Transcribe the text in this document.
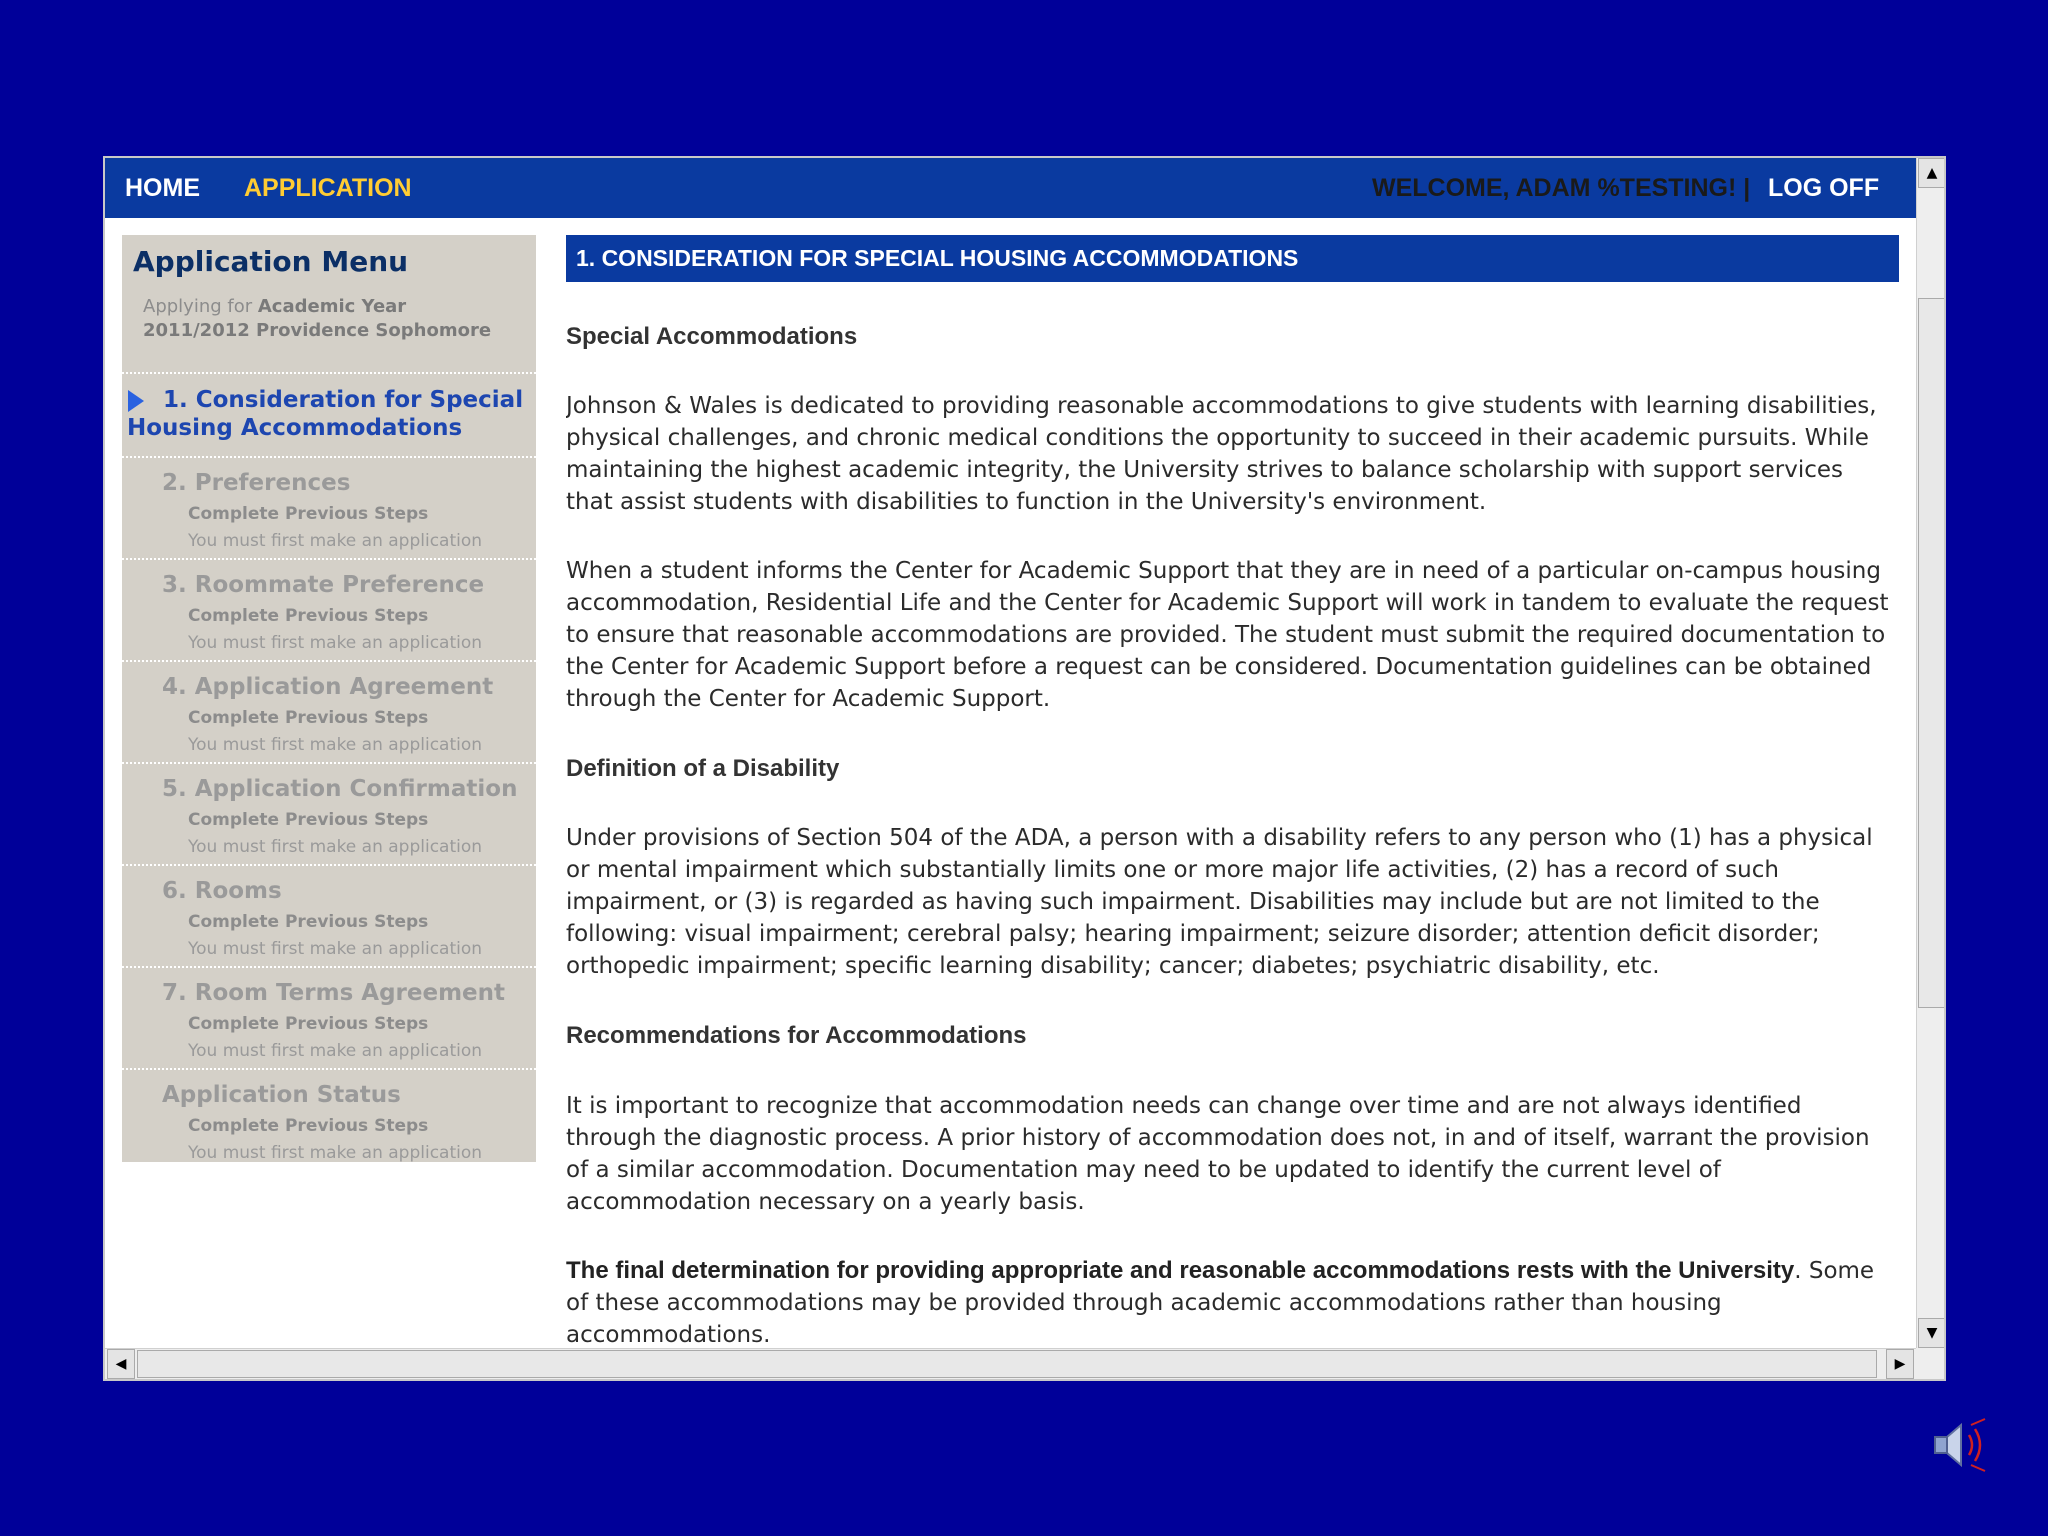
HOME APPLICATION	WELCOME, ADAM %TESTING! | LOG OFF
Application Menu
Applying for Academic Year 2011/2012 Providence Sophomore
1. Consideration for Special Housing Accommodations
2. Preferences
Complete Previous Steps
You must first make an application
3. Roommate Preference
Complete Previous Steps
You must first make an application
4. Application Agreement
Complete Previous Steps
You must first make an application
5. Application Confirmation
Complete Previous Steps
You must first make an application
6. Rooms
Complete Previous Steps
You must first make an application
7. Room Terms Agreement
Complete Previous Steps
You must first make an application
Application Status
Complete Previous Steps
You must first make an application
1. CONSIDERATION FOR SPECIAL HOUSING ACCOMMODATIONS
Special Accommodations
Johnson & Wales is dedicated to providing reasonable accommodations to give students with learning disabilities, physical challenges, and chronic medical conditions the opportunity to succeed in their academic pursuits. While maintaining the highest academic integrity, the University strives to balance scholarship with support services that assist students with disabilities to function in the University's environment.
When a student informs the Center for Academic Support that they are in need of a particular on-campus housing accommodation, Residential Life and the Center for Academic Support will work in tandem to evaluate the request to ensure that reasonable accommodations are provided. The student must submit the required documentation to the Center for Academic Support before a request can be considered. Documentation guidelines can be obtained through the Center for Academic Support.
Definition of a Disability
Under provisions of Section 504 of the ADA, a person with a disability refers to any person who (1) has a physical or mental impairment which substantially limits one or more major life activities, (2) has a record of such impairment, or (3) is regarded as having such impairment. Disabilities may include but are not limited to the following: visual impairment; cerebral palsy; hearing impairment; seizure disorder; attention deficit disorder; orthopedic impairment; specific learning disability; cancer; diabetes; psychiatric disability, etc.
Recommendations for Accommodations
It is important to recognize that accommodation needs can change over time and are not always identified through the diagnostic process. A prior history of accommodation does not, in and of itself, warrant the provision of a similar accommodation. Documentation may need to be updated to identify the current level of accommodation necessary on a yearly basis.
The final determination for providing appropriate and reasonable accommodations rests with the University. Some of these accommodations may be provided through academic accommodations rather than housing accommodations.
▲
▼
◀	▶
